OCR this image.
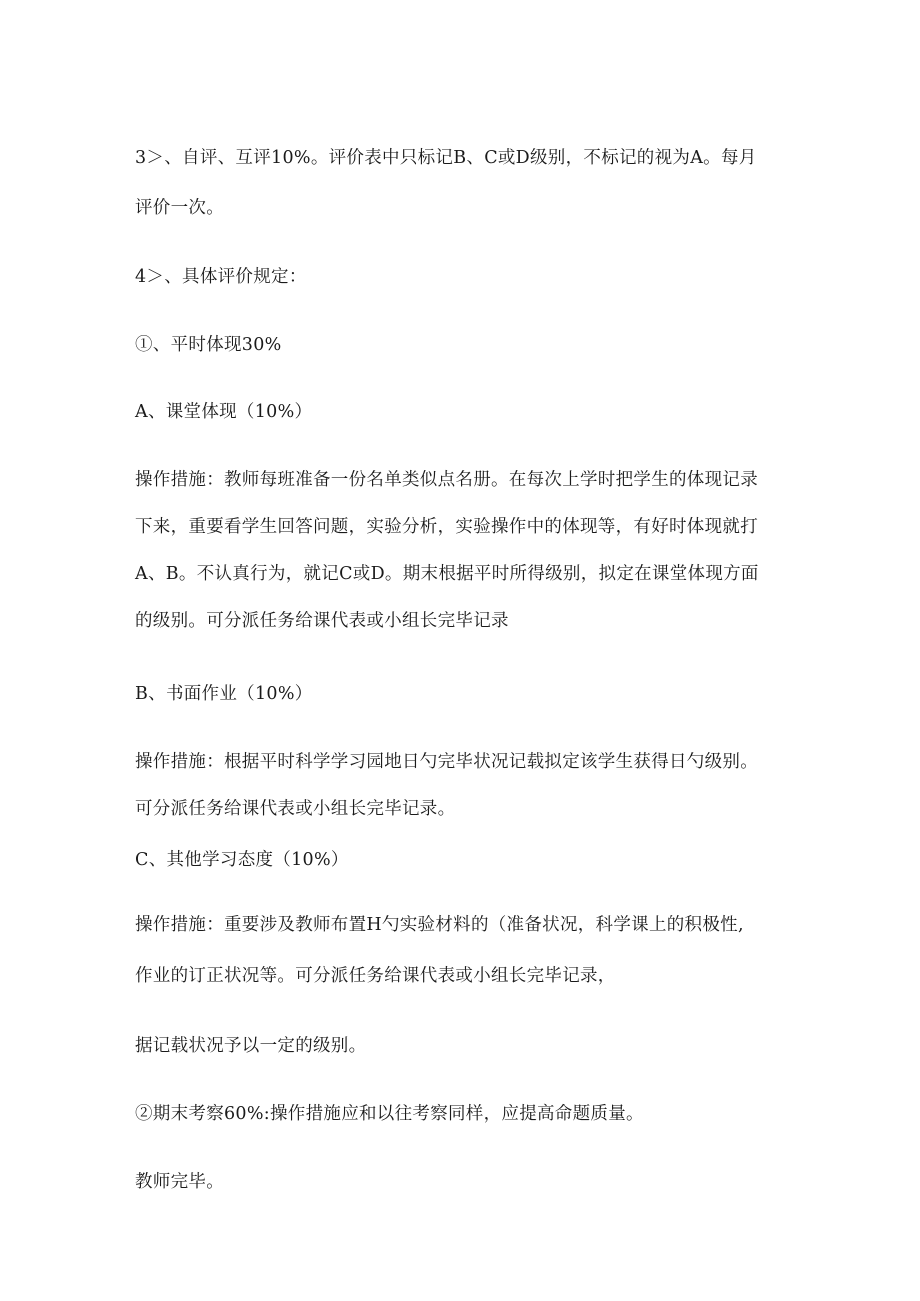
3＞、自评、互评10%。评价表中只标记B、C或D级别，不标记的视为A。每月
评价一次。
4＞、具体评价规定：
①、平时体现30%
A、课堂体现（10%）
操作措施：教师每班准备一份名单类似点名册。在每次上学时把学生的体现记录
下来，重要看学生回答问题，实验分析，实验操作中的体现等，有好时体现就打
A、B。不认真行为，就记C或D。期末根据平时所得级别，拟定在课堂体现方面
的级别。可分派任务给课代表或小组长完毕记录
B、书面作业（10%）
操作措施：根据平时科学学习园地日勺完毕状况记载拟定该学生获得日勺级别。
可分派任务给课代表或小组长完毕记录。
C、其他学习态度（10%）
操作措施：重要涉及教师布置H勺实验材料的（准备状况，科学课上的积极性,
作业的订正状况等。可分派任务给课代表或小组长完毕记录，
据记载状况予以一定的级别。
②期末考察60%:操作措施应和以往考察同样，应提高命题质量。
教师完毕。
